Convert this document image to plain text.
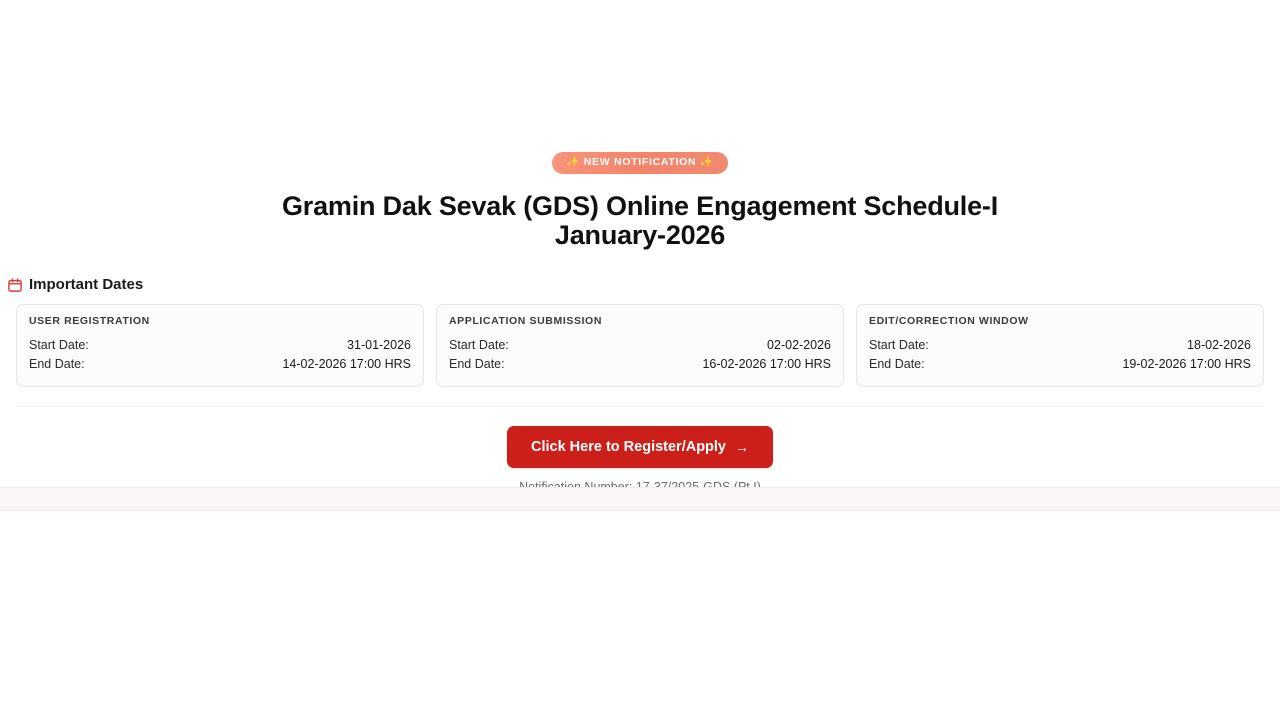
✨ NEW NOTIFICATION ✨
Gramin Dak Sevak (GDS) Online Engagement Schedule-I January-2026
Important Dates
USER REGISTRATION
Start Date:	31-01-2026
End Date:	14-02-2026 17:00 HRS
APPLICATION SUBMISSION
Start Date:	02-02-2026
End Date:	16-02-2026 17:00 HRS
EDIT/CORRECTION WINDOW
Start Date:	18-02-2026
End Date:	19-02-2026 17:00 HRS
Click Here to Register/Apply →
